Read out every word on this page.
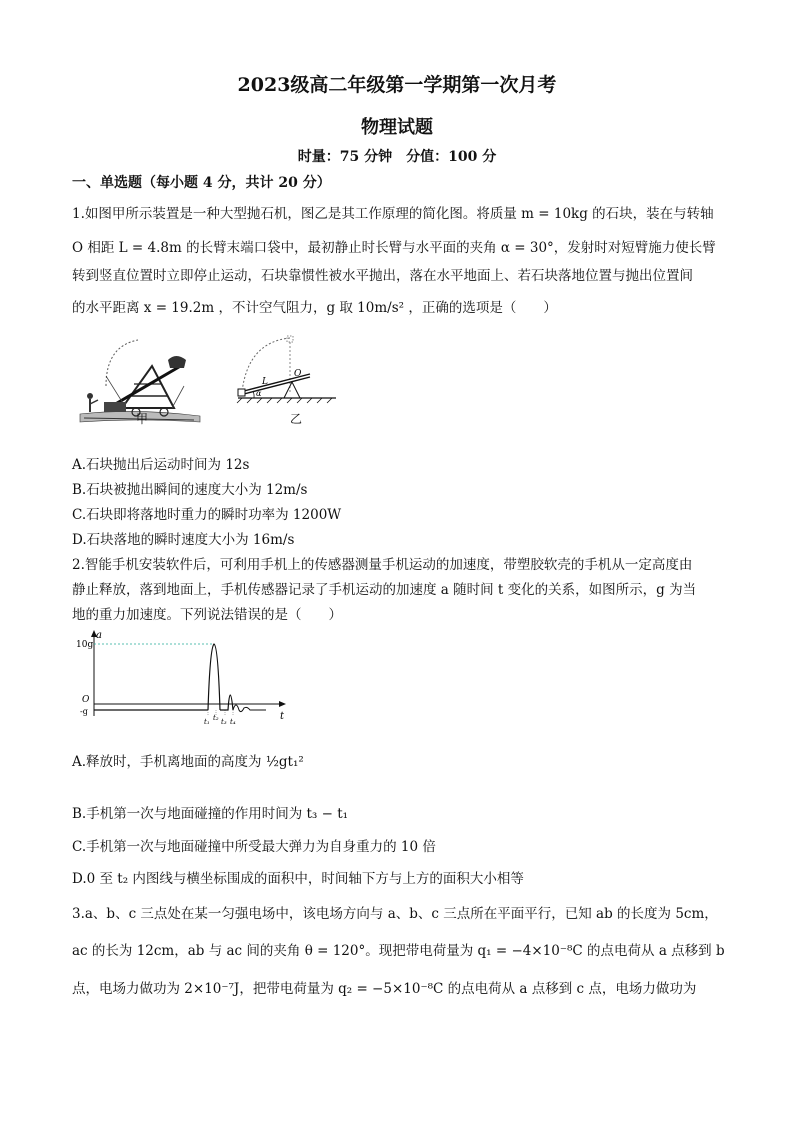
2023级高二年级第一学期第一次月考
物理试题
时量：75 分钟　分值：100 分
一、单选题（每小题 4 分，共计 20 分）
1.如图甲所示装置是一种大型抛石机，图乙是其工作原理的简化图。将质量 m = 10kg 的石块，装在与转轴
O 相距 L = 4.8m 的长臂末端口袋中，最初静止时长臂与水平面的夹角 α = 30°，发射时对短臂施力使长臂
转到竖直位置时立即停止运动，石块靠惯性被水平抛出，落在水平地面上、若石块落地位置与抛出位置间
的水平距离 x = 19.2m ，不计空气阻力，g 取 10m/s² ，正确的选项是（　　）
甲
L
O
α
乙
A.石块抛出后运动时间为 12s
B.石块被抛出瞬间的速度大小为 12m/s
C.石块即将落地时重力的瞬时功率为 1200W
D.石块落地的瞬时速度大小为 16m/s
2.智能手机安装软件后，可利用手机上的传感器测量手机运动的加速度，带塑胶软壳的手机从一定高度由
静止释放，落到地面上，手机传感器记录了手机运动的加速度 a 随时间 t 变化的关系，如图所示，g 为当
地的重力加速度。下列说法错误的是（　　）
a
t
10g
O
-g
t₁ t₂ t₃ t₄
A.释放时，手机离地面的高度为 ½gt₁²
B.手机第一次与地面碰撞的作用时间为 t₃ − t₁
C.手机第一次与地面碰撞中所受最大弹力为自身重力的 10 倍
D.0 至 t₂ 内图线与横坐标围成的面积中，时间轴下方与上方的面积大小相等
3.a、b、c 三点处在某一匀强电场中，该电场方向与 a、b、c 三点所在平面平行，已知 ab 的长度为 5cm，
ac 的长为 12cm，ab 与 ac 间的夹角 θ = 120°。现把带电荷量为 q₁ = −4×10⁻⁸C 的点电荷从 a 点移到 b
点，电场力做功为 2×10⁻⁷J，把带电荷量为 q₂ = −5×10⁻⁸C 的点电荷从 a 点移到 c 点，电场力做功为
